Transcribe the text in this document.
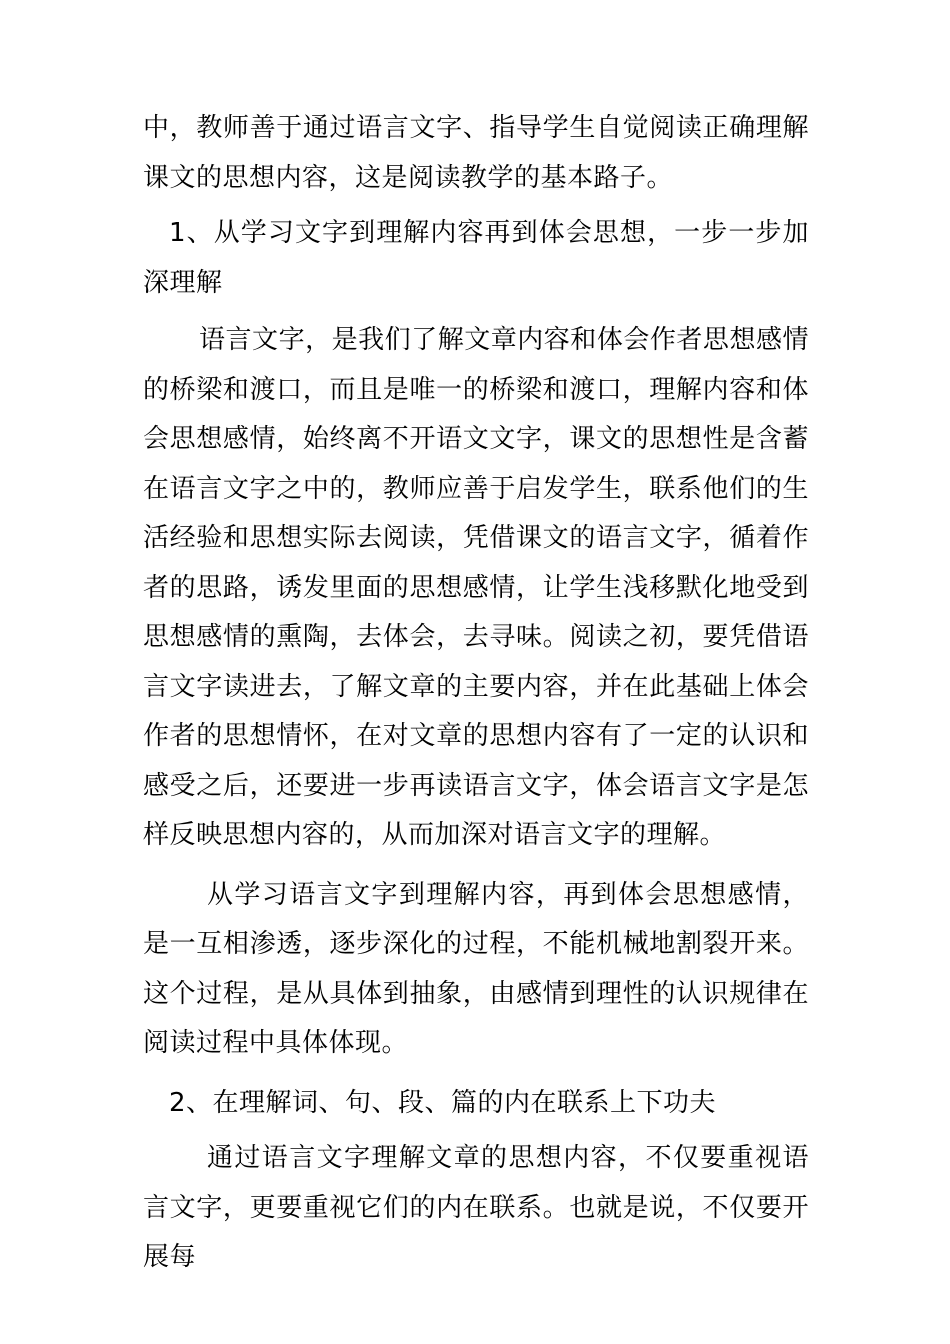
中，教师善于通过语言文字、指导学生自觉阅读正确理解课文的思想内容，这是阅读教学的基本路子。

1、从学习文字到理解内容再到体会思想，一步一步加深理解

语言文字，是我们了解文章内容和体会作者思想感情的桥梁和渡口，而且是唯一的桥梁和渡口，理解内容和体会思想感情，始终离不开语文文字，课文的思想性是含蓄在语言文字之中的，教师应善于启发学生，联系他们的生活经验和思想实际去阅读，凭借课文的语言文字，循着作者的思路，诱发里面的思想感情，让学生浅移默化地受到思想感情的熏陶，去体会，去寻味。阅读之初，要凭借语言文字读进去，了解文章的主要内容，并在此基础上体会作者的思想情怀，在对文章的思想内容有了一定的认识和感受之后，还要进一步再读语言文字，体会语言文字是怎样反映思想内容的，从而加深对语言文字的理解。

从学习语言文字到理解内容，再到体会思想感情，是一互相渗透，逐步深化的过程，不能机械地割裂开来。这个过程，是从具体到抽象，由感情到理性的认识规律在阅读过程中具体体现。

2、在理解词、句、段、篇的内在联系上下功夫

通过语言文字理解文章的思想内容，不仅要重视语言文字，更要重视它们的内在联系。也就是说，不仅要开展每
